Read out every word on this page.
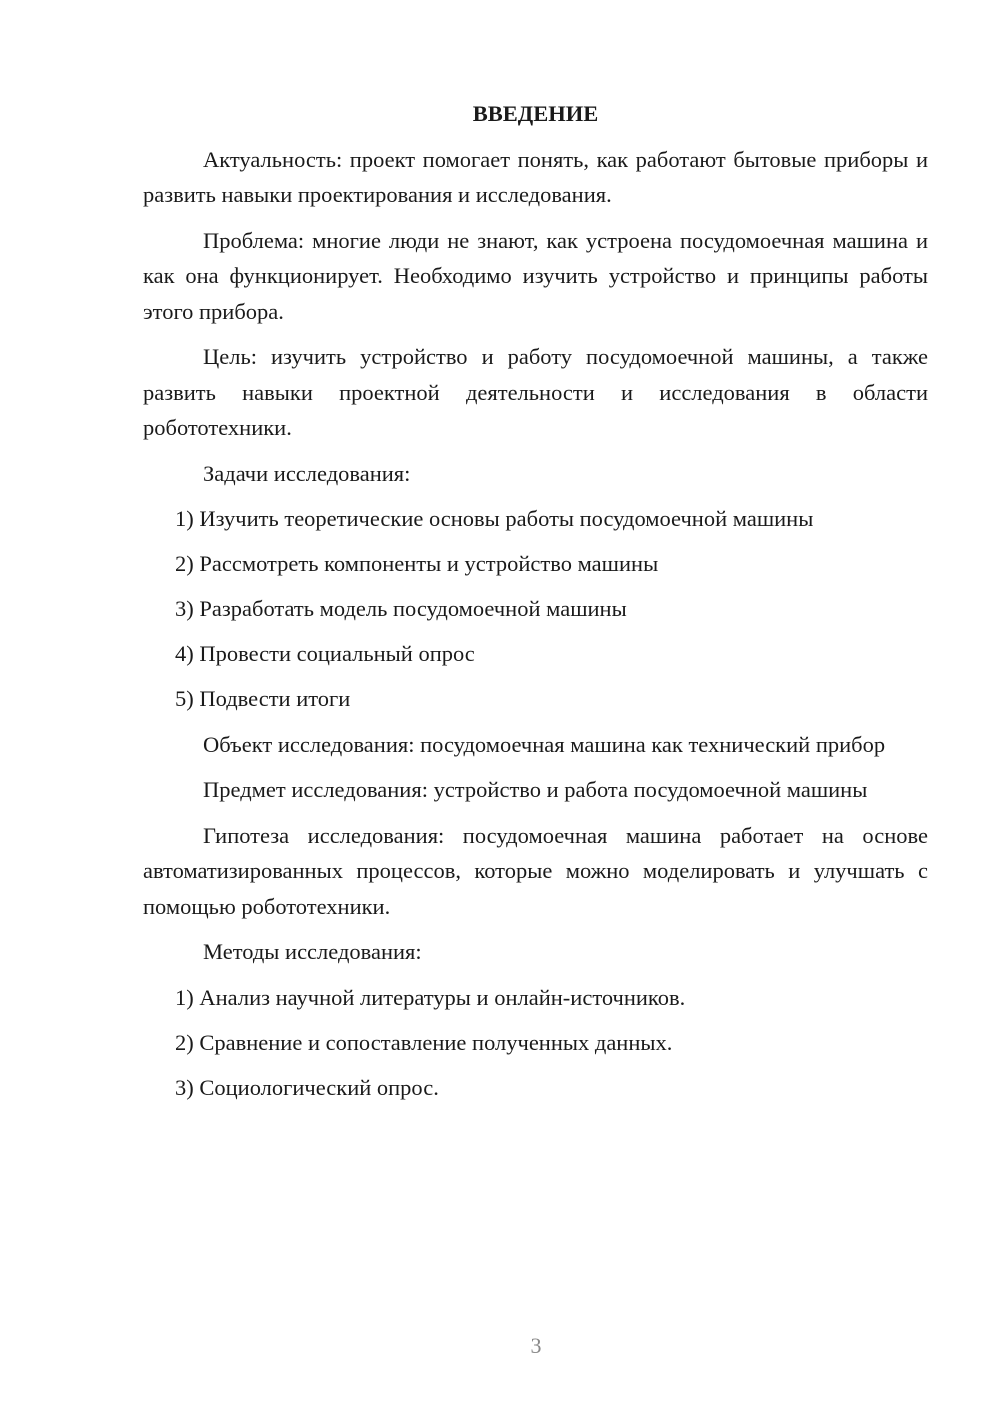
ВВЕДЕНИЕ

Актуальность: проект помогает понять, как работают бытовые приборы и развить навыки проектирования и исследования.

Проблема: многие люди не знают, как устроена посудомоечная машина и как она функционирует. Необходимо изучить устройство и принципы работы этого прибора.

Цель: изучить устройство и работу посудомоечной машины, а также развить навыки проектной деятельности и исследования в области робототехники.

Задачи исследования:

1) Изучить теоретические основы работы посудомоечной машины
2) Рассмотреть компоненты и устройство машины
3) Разработать модель посудомоечной машины
4) Провести социальный опрос
5) Подвести итоги

Объект исследования: посудомоечная машина как технический прибор

Предмет исследования: устройство и работа посудомоечной машины

Гипотеза исследования: посудомоечная машина работает на основе автоматизированных процессов, которые можно моделировать и улучшать с помощью робототехники.

Методы исследования:

1) Анализ научной литературы и онлайн-источников.
2) Сравнение и сопоставление полученных данных.
3) Социологический опрос.
3
